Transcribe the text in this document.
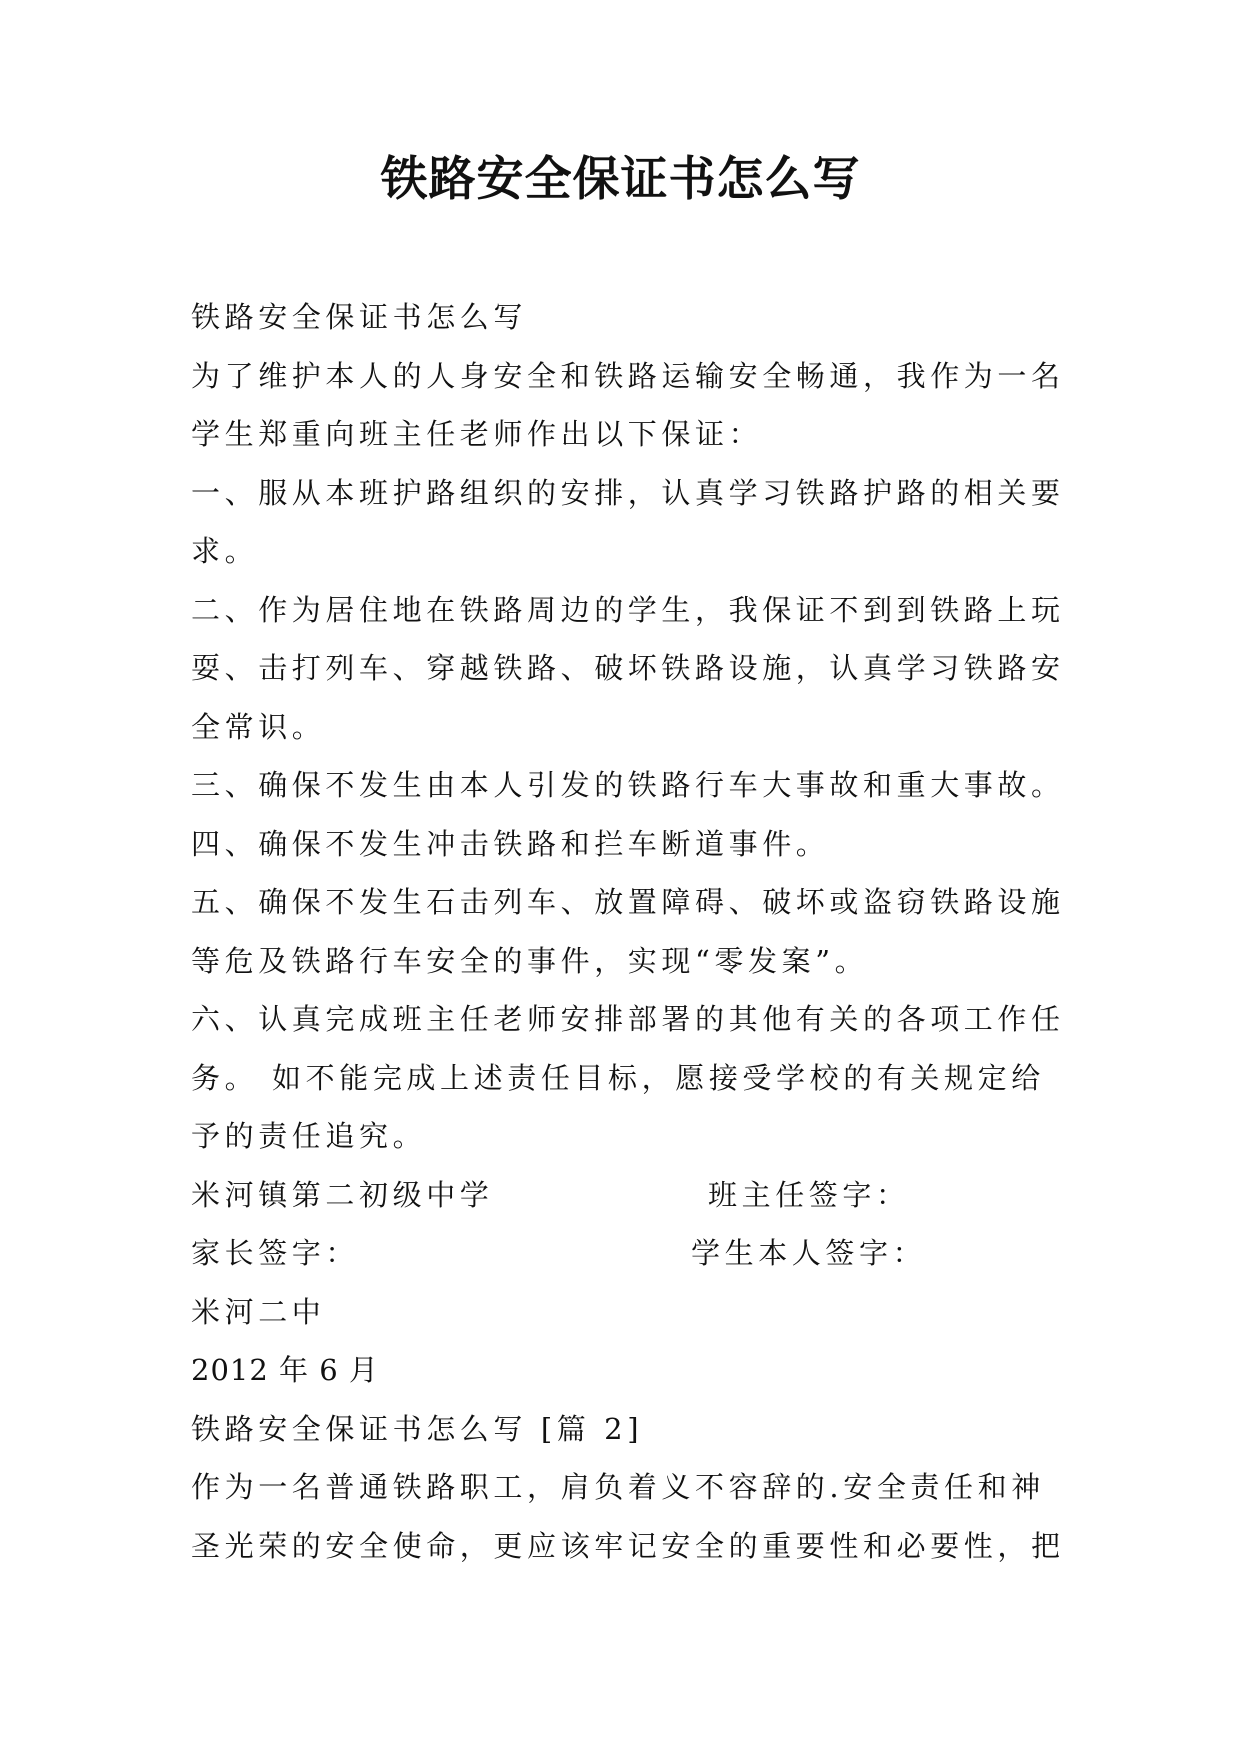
铁路安全保证书怎么写
铁路安全保证书怎么写
为了维护本人的人身安全和铁路运输安全畅通，我作为一名
学生郑重向班主任老师作出以下保证：
一、服从本班护路组织的安排，认真学习铁路护路的相关要
求。
二、作为居住地在铁路周边的学生，我保证不到到铁路上玩
耍、击打列车、穿越铁路、破坏铁路设施，认真学习铁路安
全常识。
三、确保不发生由本人引发的铁路行车大事故和重大事故。
四、确保不发生冲击铁路和拦车断道事件。
五、确保不发生石击列车、放置障碍、破坏或盗窃铁路设施
等危及铁路行车安全的事件，实现“零发案”。
六、认真完成班主任老师安排部署的其他有关的各项工作任
务。 如不能完成上述责任目标，愿接受学校的有关规定给
予的责任追究。
米河镇第二初级中学	班主任签字：
家长签字：	学生本人签字：
米河二中
2012 年 6 月
铁路安全保证书怎么写 [篇 2]
作为一名普通铁路职工，肩负着义不容辞的.安全责任和神
圣光荣的安全使命，更应该牢记安全的重要性和必要性，把
